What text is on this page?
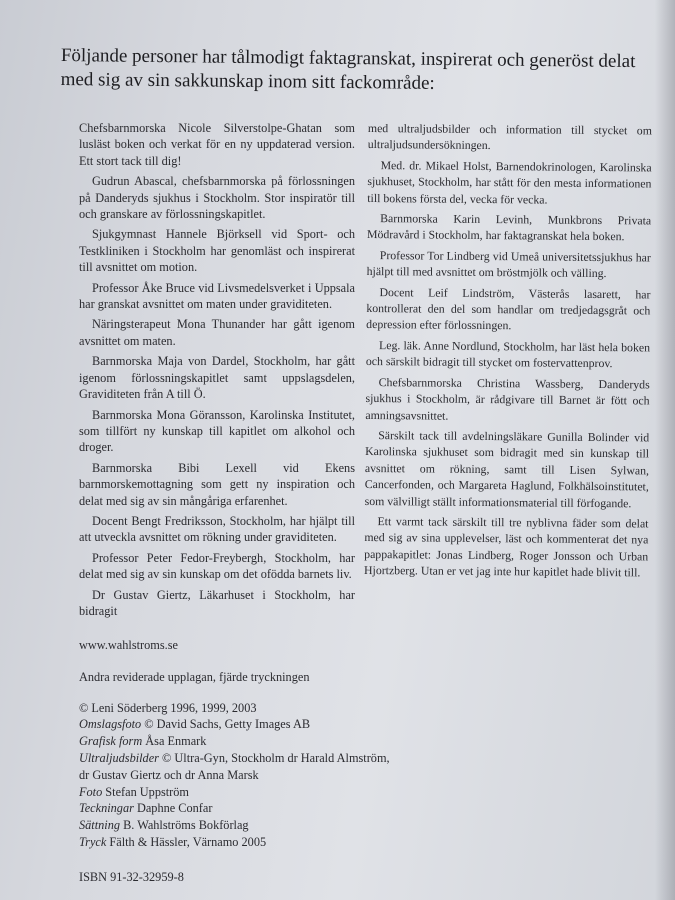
Följande personer har tålmodigt faktagranskat, inspirerat och generöst delat med sig av sin sakkunskap inom sitt fackområde:

Chefsbarnmorska Nicole Silverstolpe-Ghatan som lusläst boken och verkat för en ny uppdaterad version. Ett stort tack till dig!

Gudrun Abascal, chefsbarnmorska på förlossningen på Danderyds sjukhus i Stockholm. Stor inspiratör till och granskare av förlossningskapitlet.

Sjukgymnast Hannele Björksell vid Sport- och Testkliniken i Stockholm har genomläst och inspirerat till avsnittet om motion.

Professor Åke Bruce vid Livsmedelsverket i Uppsala har granskat avsnittet om maten under graviditeten.

Näringsterapeut Mona Thunander har gått igenom avsnittet om maten.

Barnmorska Maja von Dardel, Stockholm, har gått igenom förlossningskapitlet samt uppslagsdelen, Graviditeten från A till Ö.

Barnmorska Mona Göransson, Karolinska Institutet, som tillfört ny kunskap till kapitlet om alkohol och droger.

Barnmorska Bibi Lexell vid Ekens barnmorskemottagning som gett ny inspiration och delat med sig av sin mångåriga erfarenhet.

Docent Bengt Fredriksson, Stockholm, har hjälpt till att utveckla avsnittet om rökning under graviditeten.

Professor Peter Fedor-Freybergh, Stockholm, har delat med sig av sin kunskap om det ofödda barnets liv.

Dr Gustav Giertz, Läkarhuset i Stockholm, har bidragit

med ultraljudsbilder och information till stycket om ultraljudsundersökningen.

Med. dr. Mikael Holst, Barnendokrinologen, Karolinska sjukhuset, Stockholm, har stått för den mesta informationen till bokens första del, vecka för vecka.

Barnmorska Karin Levinh, Munkbrons Privata Mödravård i Stockholm, har faktagranskat hela boken.

Professor Tor Lindberg vid Umeå universitetssjukhus har hjälpt till med avsnittet om bröstmjölk och välling.

Docent Leif Lindström, Västerås lasarett, har kontrollerat den del som handlar om tredjedagsgråt och depression efter förlossningen.

Leg. läk. Anne Nordlund, Stockholm, har läst hela boken och särskilt bidragit till stycket om fostervattenprov.

Chefsbarnmorska Christina Wassberg, Danderyds sjukhus i Stockholm, är rådgivare till Barnet är fött och amningsavsnittet.

Särskilt tack till avdelningsläkare Gunilla Bolinder vid Karolinska sjukhuset som bidragit med sin kunskap till avsnittet om rökning, samt till Lisen Sylwan, Cancerfonden, och Margareta Haglund, Folkhälsoinstitutet, som välvilligt ställt informationsmaterial till förfogande.

Ett varmt tack särskilt till tre nyblivna fäder som delat med sig av sina upplevelser, läst och kommenterat det nya pappakapitlet: Jonas Lindberg, Roger Jonsson och Urban Hjortzberg. Utan er vet jag inte hur kapitlet hade blivit till.

www.wahlstroms.se
Andra reviderade upplagan, fjärde tryckningen
© Leni Söderberg 1996, 1999, 2003
Omslagsfoto © David Sachs, Getty Images AB
Grafisk form Åsa Enmark
Ultraljudsbilder © Ultra-Gyn, Stockholm dr Harald Almström,
dr Gustav Giertz och dr Anna Marsk
Foto Stefan Uppström
Teckningar Daphne Confar
Sättning B. Wahlströms Bokförlag
Tryck Fälth & Hässler, Värnamo 2005
ISBN 91-32-32959-8
